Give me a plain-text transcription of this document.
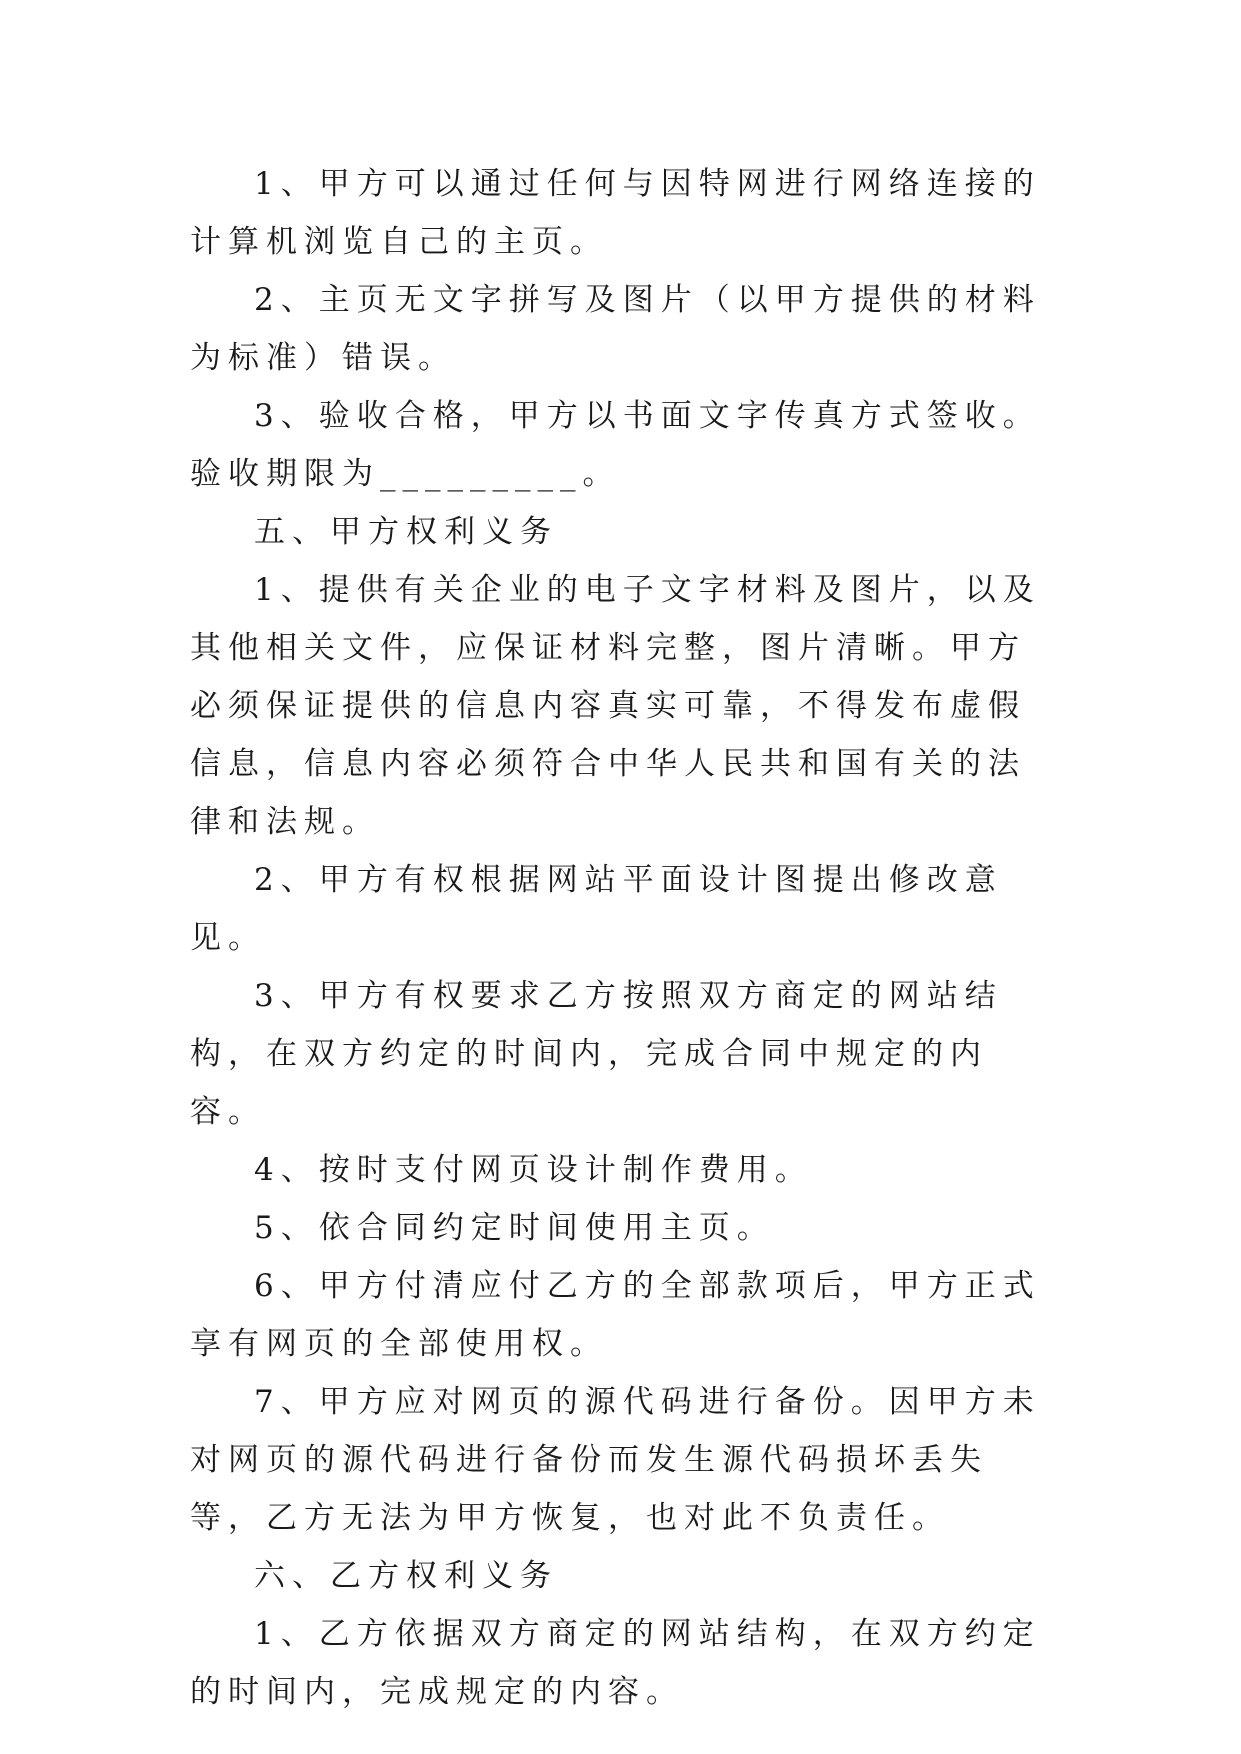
1、甲方可以通过任何与因特网进行网络连接的计算机浏览自己的主页。

2、主页无文字拼写及图片（以甲方提供的材料为标准）错误。

3、验收合格，甲方以书面文字传真方式签收。验收期限为_________。

五、甲方权利义务

1、提供有关企业的电子文字材料及图片，以及其他相关文件，应保证材料完整，图片清晰。甲方必须保证提供的信息内容真实可靠，不得发布虚假信息，信息内容必须符合中华人民共和国有关的法律和法规。

2、甲方有权根据网站平面设计图提出修改意见。

3、甲方有权要求乙方按照双方商定的网站结构，在双方约定的时间内，完成合同中规定的内容。

4、按时支付网页设计制作费用。

5、依合同约定时间使用主页。

6、甲方付清应付乙方的全部款项后，甲方正式享有网页的全部使用权。

7、甲方应对网页的源代码进行备份。因甲方未对网页的源代码进行备份而发生源代码损坏丢失等，乙方无法为甲方恢复，也对此不负责任。

六、乙方权利义务

1、乙方依据双方商定的网站结构，在双方约定的时间内，完成规定的内容。
